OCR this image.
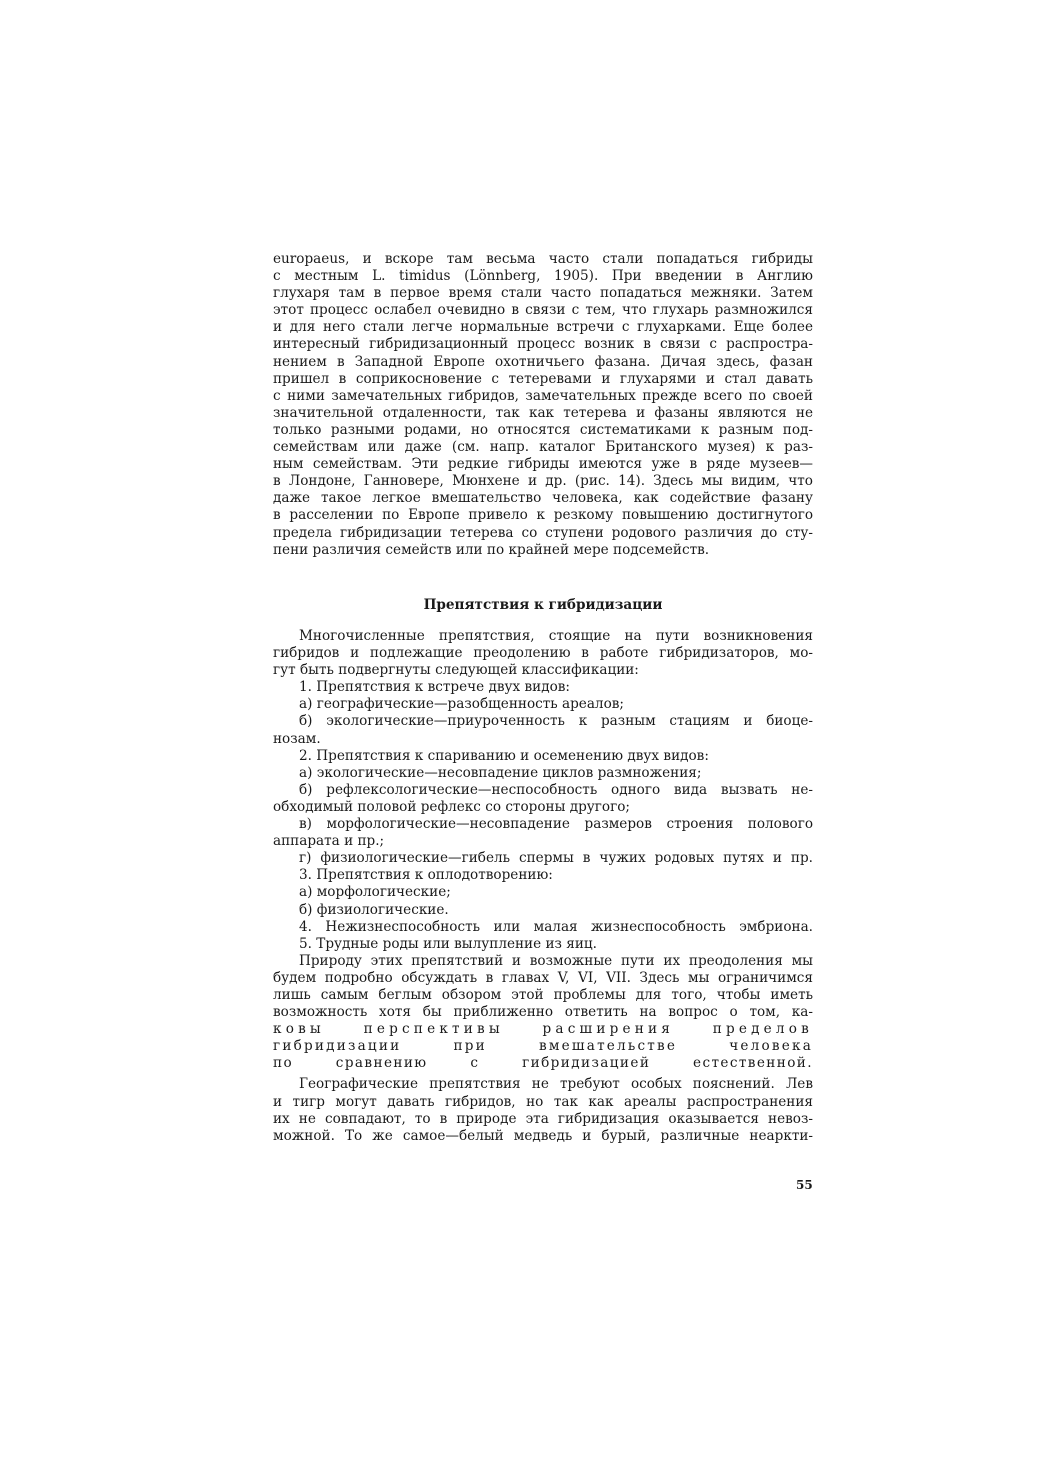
europaeus, и вскоре там весьма часто стали попадаться гибриды
с местным L. timidus (Lönnberg, 1905). При введении в Англию
глухаря там в первое время стали часто попадаться межняки. Затем
этот процесс ослабел очевидно в связи с тем, что глухарь размножился
и для него стали легче нормальные встречи с глухарками. Еще более
интересный гибридизационный процесс возник в связи с распростра-
нением в Западной Европе охотничьего фазана. Дичая здесь, фазан
пришел в соприкосновение с тетеревами и глухарями и стал давать
с ними замечательных гибридов, замечательных прежде всего по своей
значительной отдаленности, так как тетерева и фазаны являются не
только разными родами, но относятся систематиками к разным под-
семействам или даже (см. напр. каталог Британского музея) к раз-
ным семействам. Эти редкие гибриды имеются уже в ряде музеев—
в Лондоне, Ганновере, Мюнхене и др. (рис. 14). Здесь мы видим, что
даже такое легкое вмешательство человека, как содействие фазану
в расселении по Европе привело к резкому повышению достигнутого
предела гибридизации тетерева со ступени родового различия до сту-
пени различия семейств или по крайней мере подсемейств.
Препятствия к гибридизации
Многочисленные препятствия, стоящие на пути возникновения
гибридов и подлежащие преодолению в работе гибридизаторов, мо-
гут быть подвергнуты следующей классификации:
1. Препятствия к встрече двух видов:
а) географические—разобщенность ареалов;
б) экологические—приуроченность к разным стациям и биоце-
нозам.
2. Препятствия к спариванию и осеменению двух видов:
а) экологические—несовпадение циклов размножения;
б) рефлексологические—неспособность одного вида вызвать не-
обходимый половой рефлекс со стороны другого;
в) морфологические—несовпадение размеров строения полового
аппарата и пр.;
г) физиологические—гибель спермы в чужих родовых путях и пр.
3. Препятствия к оплодотворению:
а) морфологические;
б) физиологические.
4. Нежизнеспособность или малая жизнеспособность эмбриона.
5. Трудные роды или вылупление из яиц.
Природу этих препятствий и возможные пути их преодоления мы
будем подробно обсуждать в главах V, VI, VII. Здесь мы ограничимся
лишь самым беглым обзором этой проблемы для того, чтобы иметь
возможность хотя бы приближенно ответить на вопрос о том, ка-
ковы перспективы расширения пределов
гибридизации при вмешательстве человека
по сравнению с гибридизацией естественной.
Географические препятствия не требуют особых пояснений. Лев
и тигр могут давать гибридов, но так как ареалы распространения
их не совпадают, то в природе эта гибридизация оказывается невоз-
можной. То же самое—белый медведь и бурый, различные неаркти-
55
